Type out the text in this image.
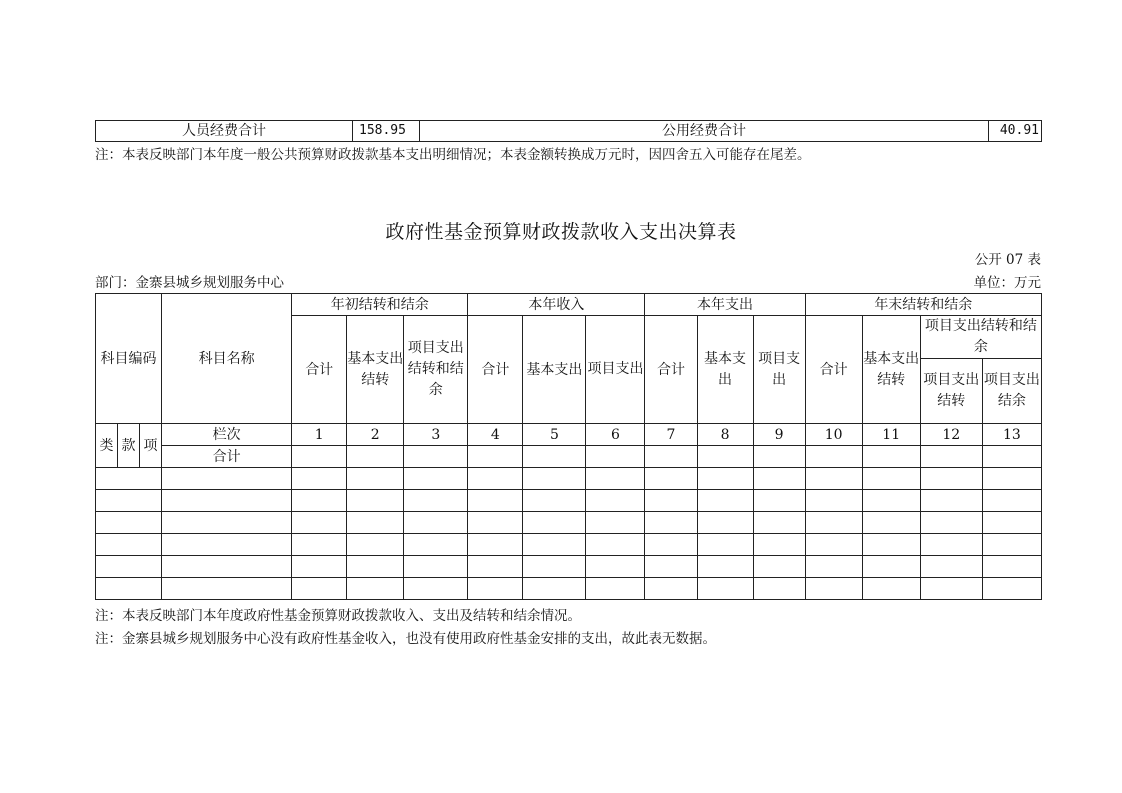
人员经费合计	158.95	公用经费合计	40.91
注：本表反映部门本年度一般公共预算财政拨款基本支出明细情况；本表金额转换成万元时，因四舍五入可能存在尾差。
政府性基金预算财政拨款收入支出决算表
公开 07 表
部门：金寨县城乡规划服务中心	单位：万元
科目编码			科目名称	年初结转和结余			本年收入			本年支出			年末结转和结余			
				合计	基本支出结转	项目支出结转和结余	合计	基本支出	项目支出	合计	基本支出	项目支出	合计	基本支出结转	项目支出结转和结余	
															项目支出结转	项目支出结余
类	款	项	栏次	1	2	3	4	5	6	7	8	9	10	11	12	13
			合计													

注：本表反映部门本年度政府性基金预算财政拨款收入、支出及结转和结余情况。
注：金寨县城乡规划服务中心没有政府性基金收入，也没有使用政府性基金安排的支出，故此表无数据。
